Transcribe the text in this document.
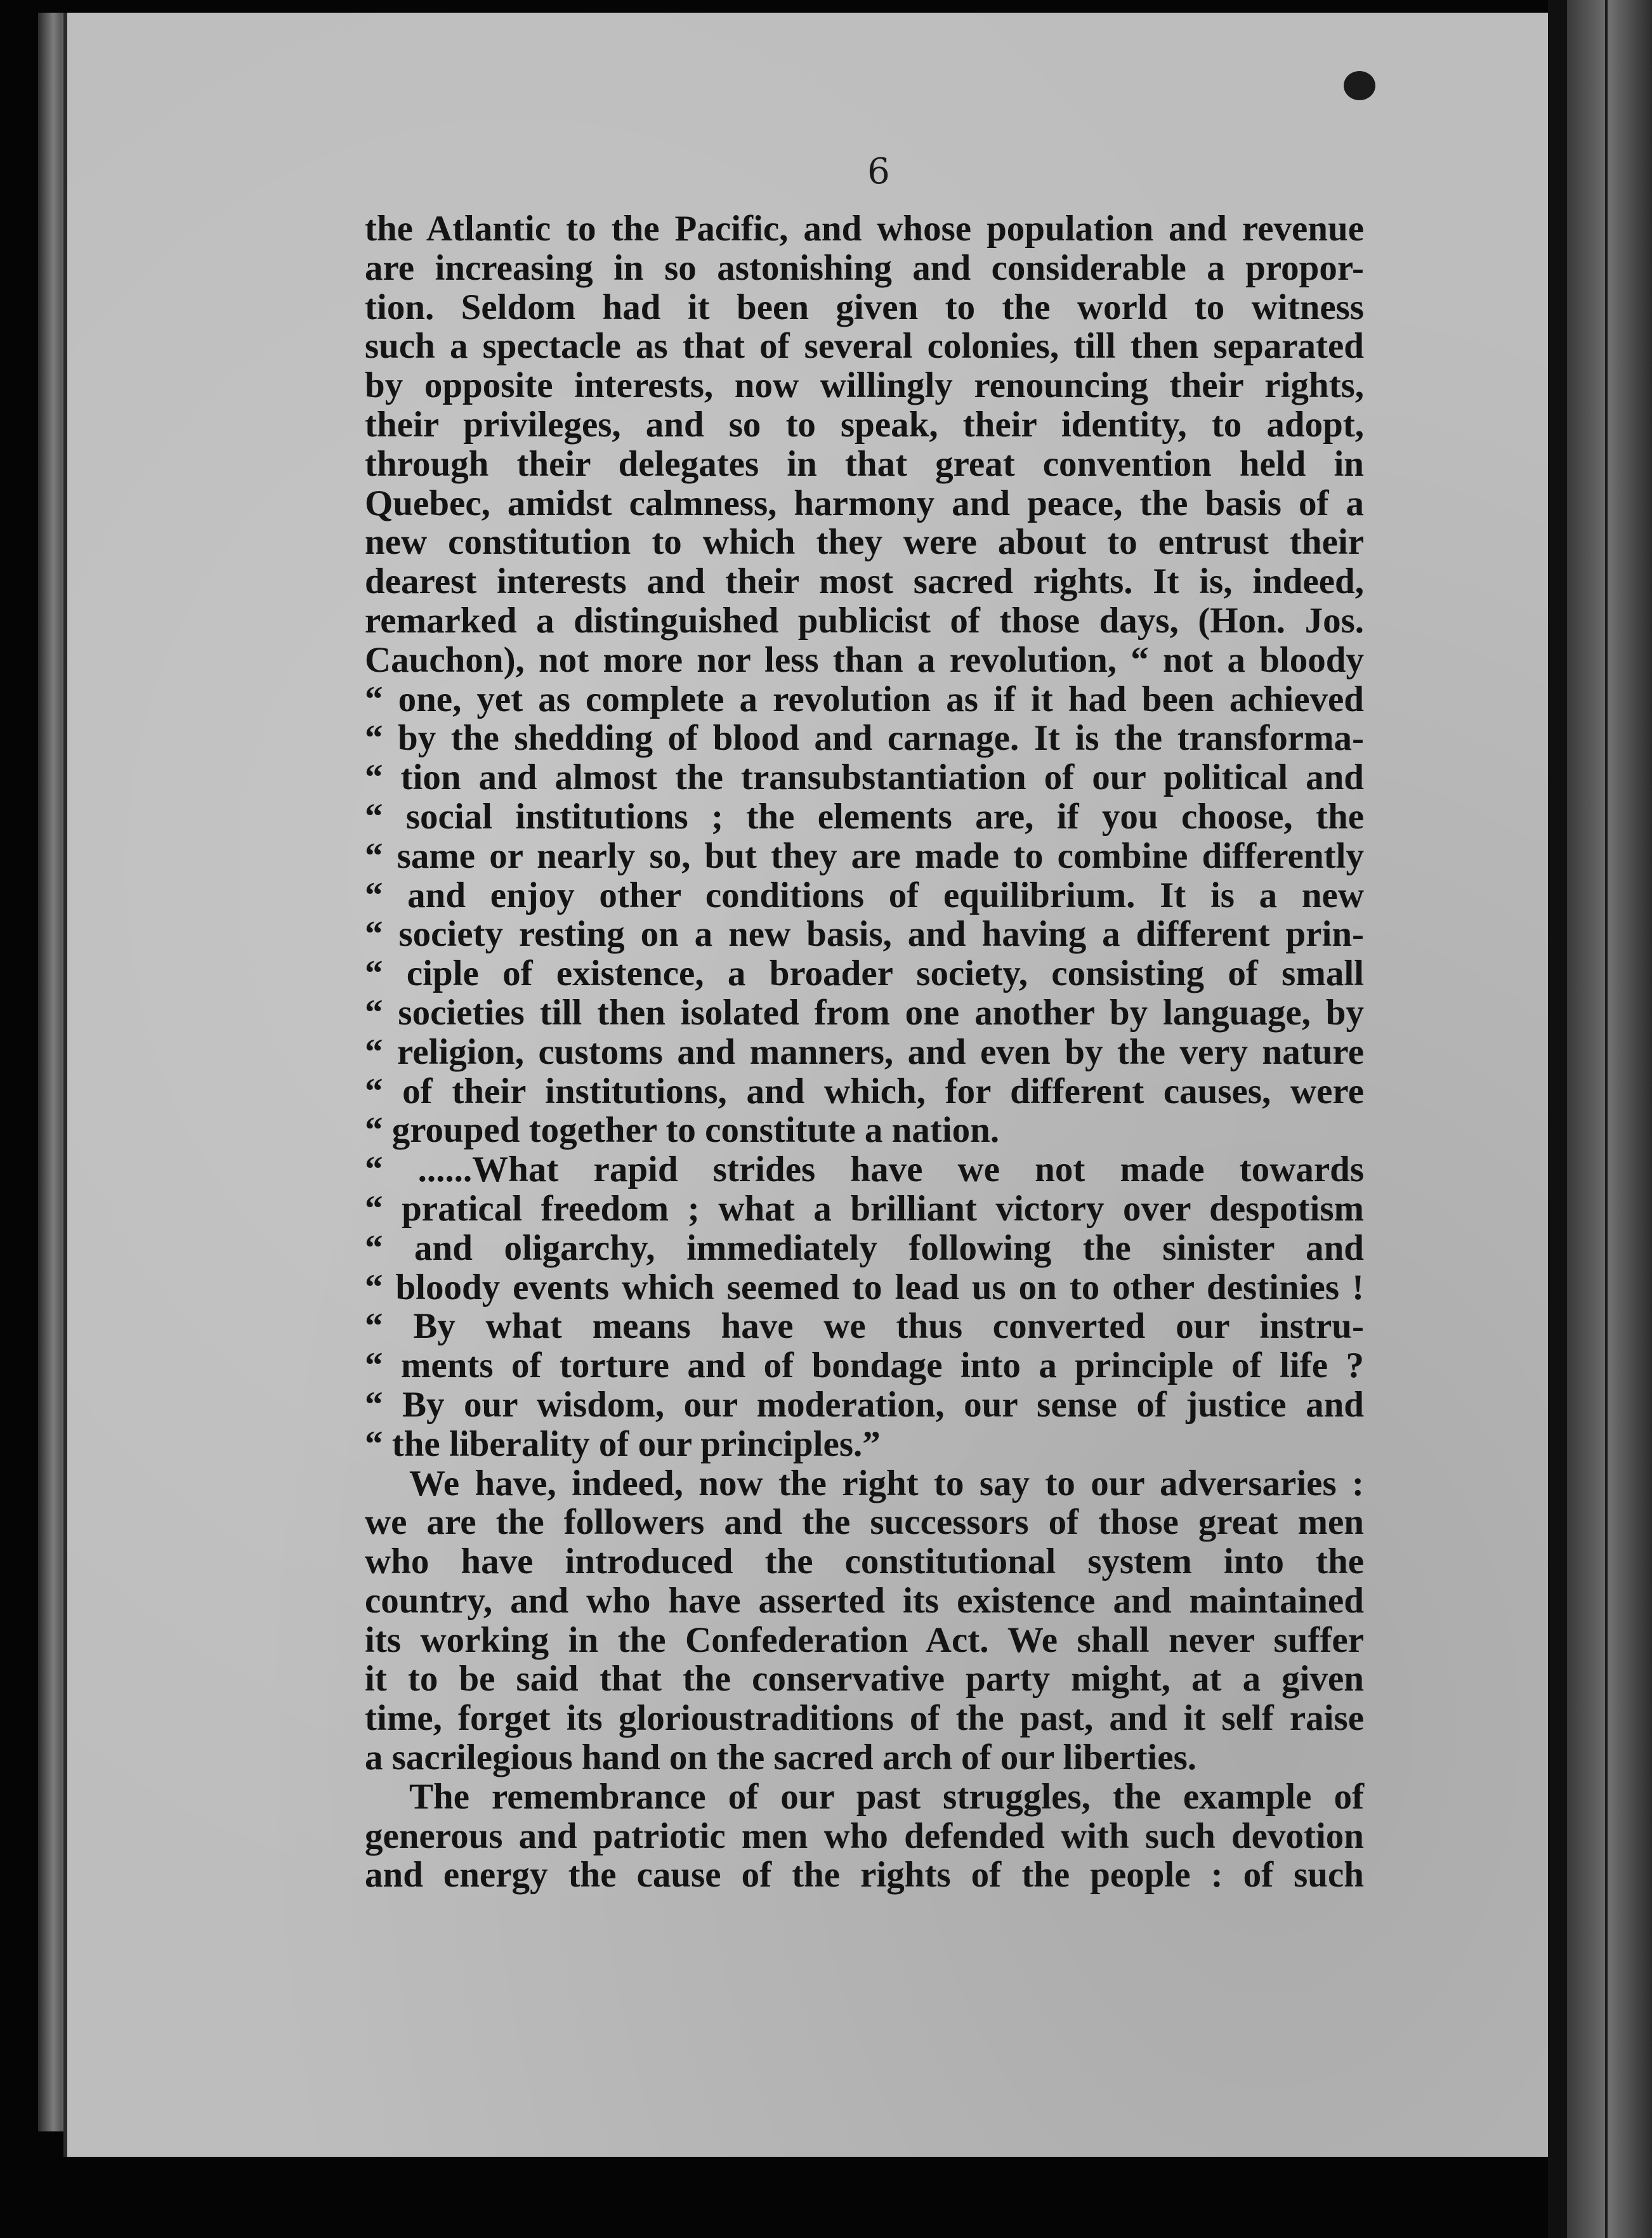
6
the Atlantic to the Pacific, and whose population and revenue
are increasing in so astonishing and considerable a propor-
tion. Seldom had it been given to the world to witness
such a spectacle as that of several colonies, till then separated
by opposite interests, now willingly renouncing their rights,
their privileges, and so to speak, their identity, to adopt,
through their delegates in that great convention held in
Quebec, amidst calmness, harmony and peace, the basis of a
new constitution to which they were about to entrust their
dearest interests and their most sacred rights. It is, indeed,
remarked a distinguished publicist of those days, (Hon. Jos.
Cauchon), not more nor less than a revolution, “ not a bloody
“ one, yet as complete a revolution as if it had been achieved
“ by the shedding of blood and carnage. It is the transforma-
“ tion and almost the transubstantiation of our political and
“ social institutions ; the elements are, if you choose, the
“ same or nearly so, but they are made to combine differently
“ and enjoy other conditions of equilibrium. It is a new
“ society resting on a new basis, and having a different prin-
“ ciple of existence, a broader society, consisting of small
“ societies till then isolated from one another by language, by
“ religion, customs and manners, and even by the very nature
“ of their institutions, and which, for different causes, were
“ grouped together to constitute a nation.
“ ......What rapid strides have we not made towards
“ pratical freedom ; what a brilliant victory over despotism
“ and oligarchy, immediately following the sinister and
“ bloody events which seemed to lead us on to other destinies !
“ By what means have we thus converted our instru-
“ ments of torture and of bondage into a principle of life ?
“ By our wisdom, our moderation, our sense of justice and
“ the liberality of our principles.”
We have, indeed, now the right to say to our adversaries :
we are the followers and the successors of those great men
who have introduced the constitutional system into the
country, and who have asserted its existence and maintained
its working in the Confederation Act. We shall never suffer
it to be said that the conservative party might, at a given
time, forget its glorioustraditions of the past, and it self raise
a sacrilegious hand on the sacred arch of our liberties.
The remembrance of our past struggles, the example of
generous and patriotic men who defended with such devotion
and energy the cause of the rights of the people : of such
